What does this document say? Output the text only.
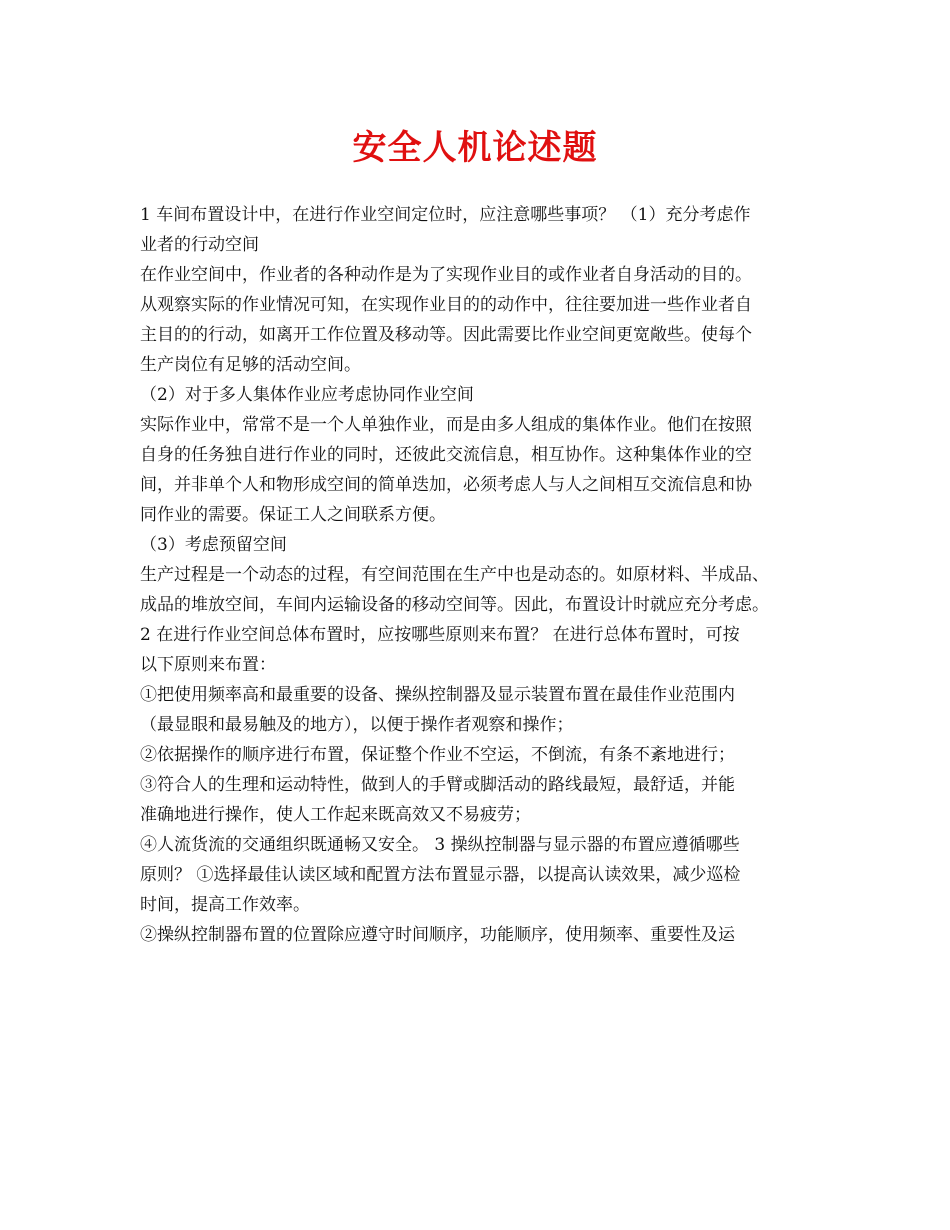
安全人机论述题
1 车间布置设计中，在进行作业空间定位时，应注意哪些事项？ （1）充分考虑作
业者的行动空间
在作业空间中，作业者的各种动作是为了实现作业目的或作业者自身活动的目的。
从观察实际的作业情况可知，在实现作业目的的动作中，往往要加进一些作业者自
主目的的行动，如离开工作位置及移动等。因此需要比作业空间更宽敞些。使每个
生产岗位有足够的活动空间。
（2）对于多人集体作业应考虑协同作业空间
实际作业中，常常不是一个人单独作业，而是由多人组成的集体作业。他们在按照
自身的任务独自进行作业的同时，还彼此交流信息，相互协作。这种集体作业的空
间，并非单个人和物形成空间的简单迭加，必须考虑人与人之间相互交流信息和协
同作业的需要。保证工人之间联系方便。
（3）考虑预留空间
生产过程是一个动态的过程，有空间范围在生产中也是动态的。如原材料、半成品、
成品的堆放空间，车间内运输设备的移动空间等。因此，布置设计时就应充分考虑。
2 在进行作业空间总体布置时，应按哪些原则来布置？ 在进行总体布置时，可按
以下原则来布置：
①把使用频率高和最重要的设备、操纵控制器及显示装置布置在最佳作业范围内
（最显眼和最易触及的地方），以便于操作者观察和操作；
②依据操作的顺序进行布置，保证整个作业不空运，不倒流，有条不紊地进行；
③符合人的生理和运动特性，做到人的手臂或脚活动的路线最短，最舒适，并能
准确地进行操作，使人工作起来既高效又不易疲劳；
④人流货流的交通组织既通畅又安全。 3 操纵控制器与显示器的布置应遵循哪些
原则？ ①选择最佳认读区域和配置方法布置显示器，以提高认读效果，减少巡检
时间，提高工作效率。
②操纵控制器布置的位置除应遵守时间顺序，功能顺序，使用频率、重要性及运
